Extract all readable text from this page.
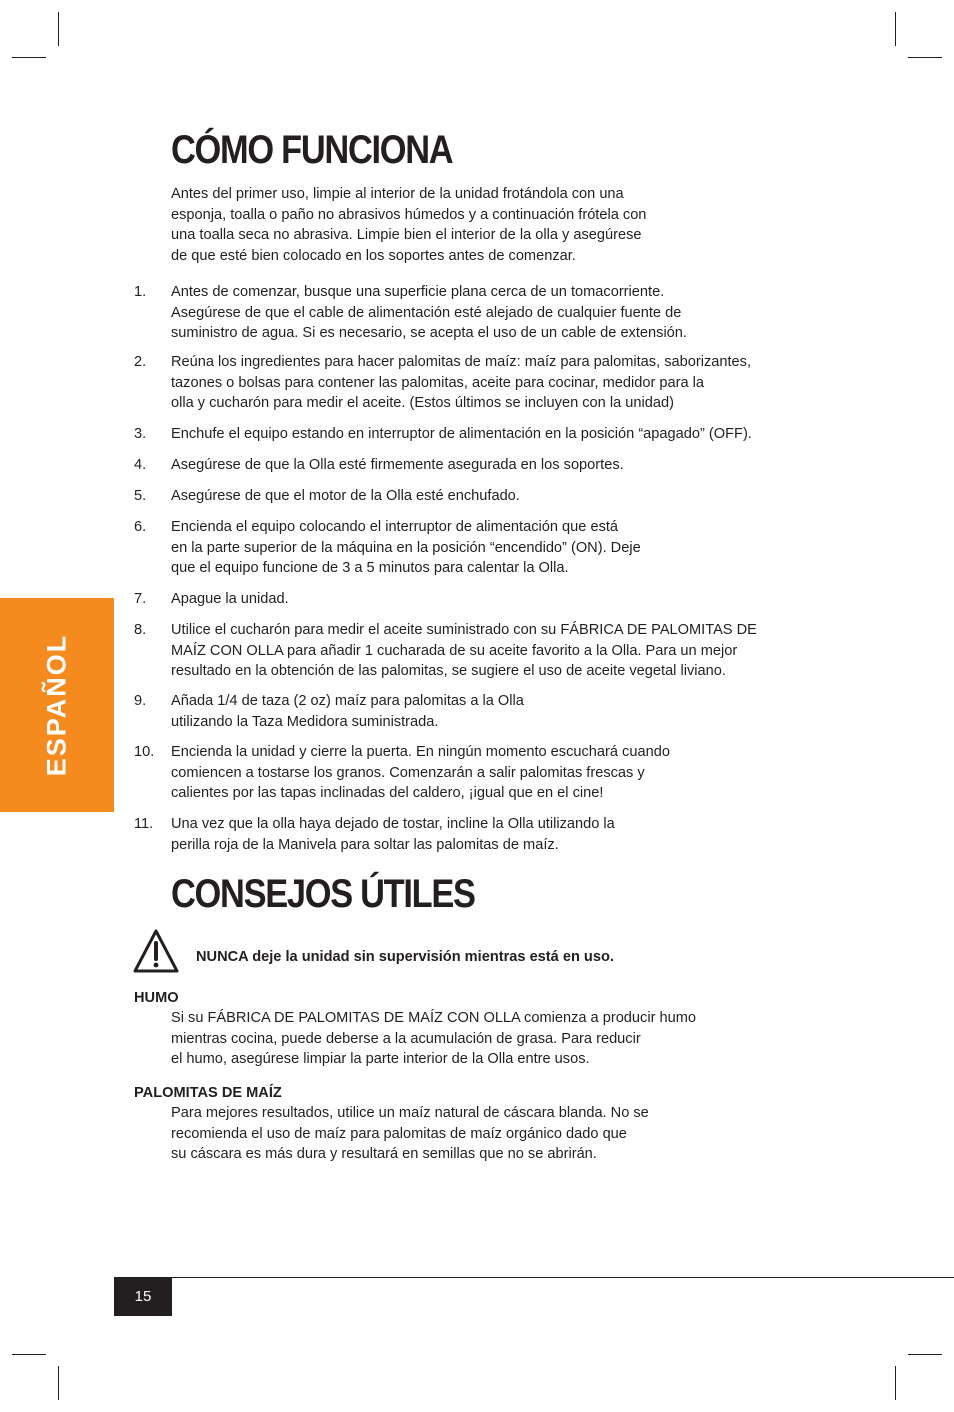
ESPAÑOL
CÓMO FUNCIONA
Antes del primer uso, limpie al interior de la unidad frotándola con una
esponja, toalla o paño no abrasivos húmedos y a continuación frótela con
una toalla seca no abrasiva. Limpie bien el interior de la olla y asegúrese
de que esté bien colocado en los soportes antes de comenzar.
1. Antes de comenzar, busque una superficie plana cerca de un tomacorriente.
Asegúrese de que el cable de alimentación esté alejado de cualquier fuente de
suministro de agua. Si es necesario, se acepta el uso de un cable de extensión.
2. Reúna los ingredientes para hacer palomitas de maíz: maíz para palomitas, saborizantes,
tazones o bolsas para contener las palomitas, aceite para cocinar, medidor para la
olla y cucharón para medir el aceite. (Estos últimos se incluyen con la unidad)
3. Enchufe el equipo estando en interruptor de alimentación en la posición “apagado” (OFF).
4. Asegúrese de que la Olla esté firmemente asegurada en los soportes.
5. Asegúrese de que el motor de la Olla esté enchufado.
6. Encienda el equipo colocando el interruptor de alimentación que está
en la parte superior de la máquina en la posición “encendido” (ON). Deje
que el equipo funcione de 3 a 5 minutos para calentar la Olla.
7. Apague la unidad.
8. Utilice el cucharón para medir el aceite suministrado con su FÁBRICA DE PALOMITAS DE
MAÍZ CON OLLA para añadir 1 cucharada de su aceite favorito a la Olla. Para un mejor
resultado en la obtención de las palomitas, se sugiere el uso de aceite vegetal liviano.
9. Añada 1/4 de taza (2 oz) maíz para palomitas a la Olla
utilizando la Taza Medidora suministrada.
10. Encienda la unidad y cierre la puerta. En ningún momento escuchará cuando
comiencen a tostarse los granos. Comenzarán a salir palomitas frescas y
calientes por las tapas inclinadas del caldero, ¡igual que en el cine!
11. Una vez que la olla haya dejado de tostar, incline la Olla utilizando la
perilla roja de la Manivela para soltar las palomitas de maíz.
CONSEJOS ÚTILES
NUNCA deje la unidad sin supervisión mientras está en uso.
HUMO
Si su FÁBRICA DE PALOMITAS DE MAÍZ CON OLLA comienza a producir humo
mientras cocina, puede deberse a la acumulación de grasa. Para reducir
el humo, asegúrese limpiar la parte interior de la Olla entre usos.
PALOMITAS DE MAÍZ
Para mejores resultados, utilice un maíz natural de cáscara blanda. No se
recomienda el uso de maíz para palomitas de maíz orgánico dado que
su cáscara es más dura y resultará en semillas que no se abrirán.
15
